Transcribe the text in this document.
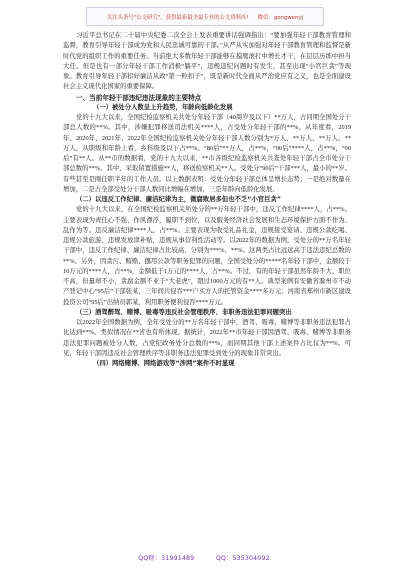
关注头条号"公文研究"，获得最新最全最专业的公文资料库! 微信：gongwenyj

习近平总书记在二十届中央纪委二次全会上发表重要讲话强调指出：“要加强年轻干部教育管理和监督，教育引导年轻干部成为党和人民忠诚可靠的干部。”从严从实加强对年轻干部教育管理和监督是新时代党的组织工作的重要任务。当前绝大多数年轻干部能够在摸爬滚打中增长才干，在层层历练中担当大任。但是也有一部分年轻干部工作消极“躺平”，违规违纪问题时有发生，甚至出现“小官巨贪”等现象。教育引导年轻干部扣好廉洁从政“第一粒扣子”，既是新时代全面从严治党应有之义，也是全面建设社会主义现代化国家的重要保障。

一、当前年轻干部违纪违法现象的主要特点
（一）被处分人数呈上升趋势，年龄向低龄化发展

党的十九大以来，全国纪检监察机关共处分年轻干部（40周岁及以下）**万人，占同期全国处分干部总人数的**%。其中，涉嫌犯罪移送司法机关****人，占受处分年轻干部的**%。从年度看，2019年、2020年、2021年、2022年全国纪检监察机关处分年轻干部人数分别为*万人、**万人、**万人、**万人，从职级和年龄上看，乡科级及以下占**%。“80后”**万人，占**%，“90后”****人，占**%，“00后”有**人。从**市的数据看，党的十九大以来，**市各级纪检监察机关共查处年轻干部占全市处分干部总数的**%。其中，采取留置措施**人，移送检察机关**人。受处分“90后”干部***人，最小的**岁。有些甚至是刚任职半年的工作人员。以上数据表明：受处分年轻干部总体呈增长态势；一是绝对数量在增加，二是占全部受处分干部人数同比增幅在增加，三是年龄向低龄化发展。

（二）以违反工作纪律、廉洁纪律为主，微腐败居多但也不乏“小官巨贪”

党的十九大以来，在全国纪检监察机关所处分的**万年轻干部中，违反工作纪律****人，占**%。主要表现为责任心不强、作风漂浮，履职不到位，以及服务经济社会发展和生态环境保护方面不作为、乱作为等。违反廉洁纪律****人，占**%。主要表现为收受礼品礼金，违规接受宴请、违规公款吃喝、违规公款旅游、违规发放津补贴，违规从事营利性活动等。以2022年的数据为例，受处分的**万名年轻干部中，违反工作纪律、廉洁纪律占比较高，分别为***%、**%。这两类占比远远高于违法违纪总数的**%、另外，因贪污、贿赂、挪用公款等职务犯罪的问题，全国受处分的*****名年轻干部中，金额较于10万元的****人，占**%，金额低于1万元的****人，占**%。不过，有的年轻干部虽然年龄不大、职位不高，但量却不小，贪腐金额不亚于“大老虎”，超过1000万元的有**人。典型案例有安徽省滁州市不动产登记中心“95后”干部张某，三年间共侵吞***户买方人的托管资金****多万元；河南省郑州市新区建设投资公司“95后”出纳员郭某，利用职务便利侵吞****万元。

（三）酒驾醉驾、赌博、吸毒等违反社会管理秩序、非职务违法犯罪问题突出

以2022年全国数据为例，全年受处分的**万名年轻干部中，酒驾、吸毒、赌博等非职务违法犯罪占比达到**%。类似情况在**省也有所体现。据统计，2022年**市年轻干部因酒驾、吸毒、赌博等非职务违法犯罪问题被处分人数，占党纪政务处分总数的**%，而同期其他干部上述案件占比仅为**%。可见，年轻干部因违反社会管理秩序等非职务违法犯罪受到处分的现象非常突出。

（四）网络赌博、网络游戏等“涉网”案件不时显现
QQ群：31991489	QQ：535304092
